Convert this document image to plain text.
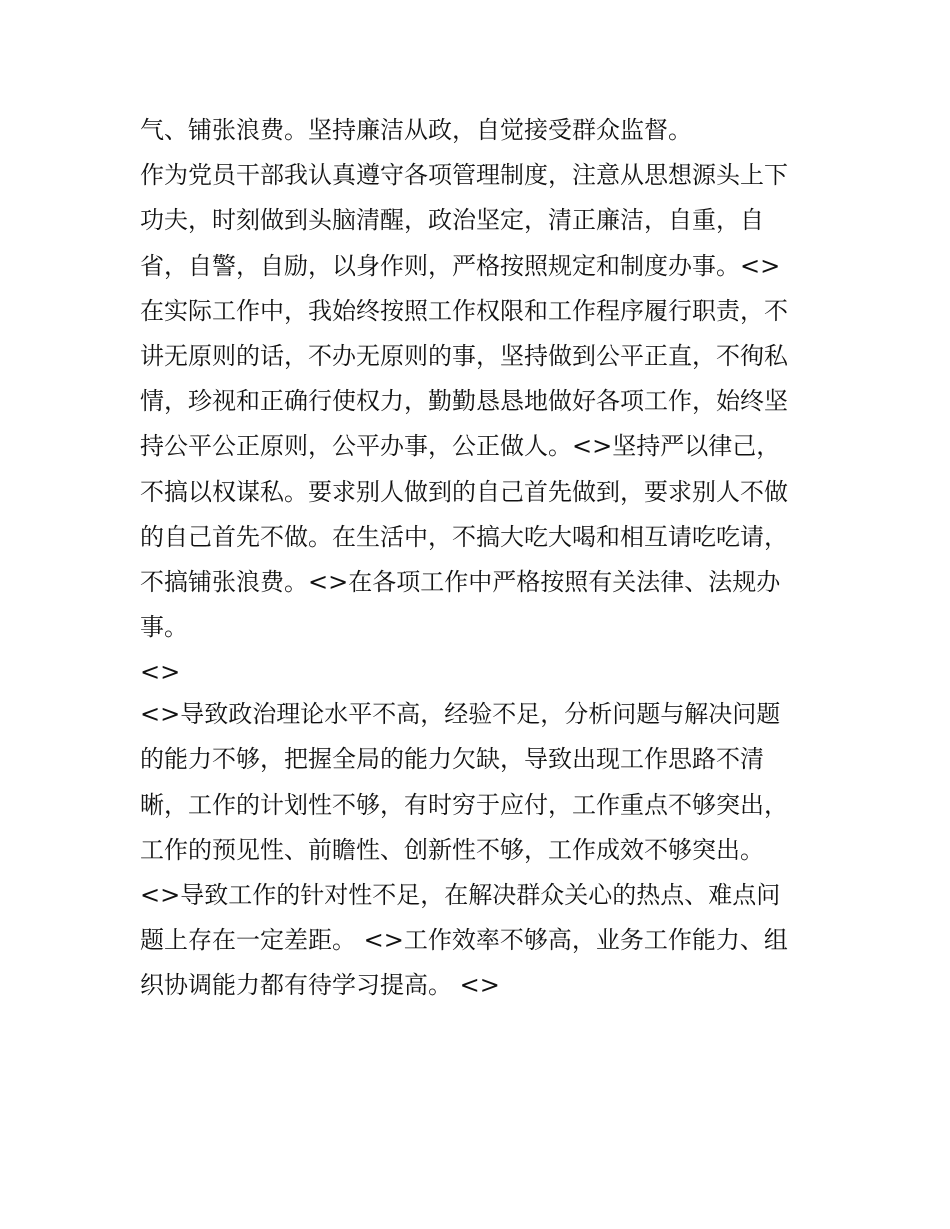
气、铺张浪费。坚持廉洁从政，自觉接受群众监督。
作为党员干部我认真遵守各项管理制度，注意从思想源头上下
功夫，时刻做到头脑清醒，政治坚定，清正廉洁，自重，自
省，自警，自励，以身作则，严格按照规定和制度办事。<>
在实际工作中，我始终按照工作权限和工作程序履行职责，不
讲无原则的话，不办无原则的事，坚持做到公平正直，不徇私
情，珍视和正确行使权力，勤勤恳恳地做好各项工作，始终坚
持公平公正原则，公平办事，公正做人。<>坚持严以律己，
不搞以权谋私。要求别人做到的自己首先做到，要求别人不做
的自己首先不做。在生活中，不搞大吃大喝和相互请吃吃请，
不搞铺张浪费。<>在各项工作中严格按照有关法律、法规办
事。
<>
<>导致政治理论水平不高，经验不足，分析问题与解决问题
的能力不够，把握全局的能力欠缺，导致出现工作思路不清
晰，工作的计划性不够，有时穷于应付，工作重点不够突出，
工作的预见性、前瞻性、创新性不够，工作成效不够突出。
<>导致工作的针对性不足，在解决群众关心的热点、难点问
题上存在一定差距。 <>工作效率不够高，业务工作能力、组
织协调能力都有待学习提高。 <>
